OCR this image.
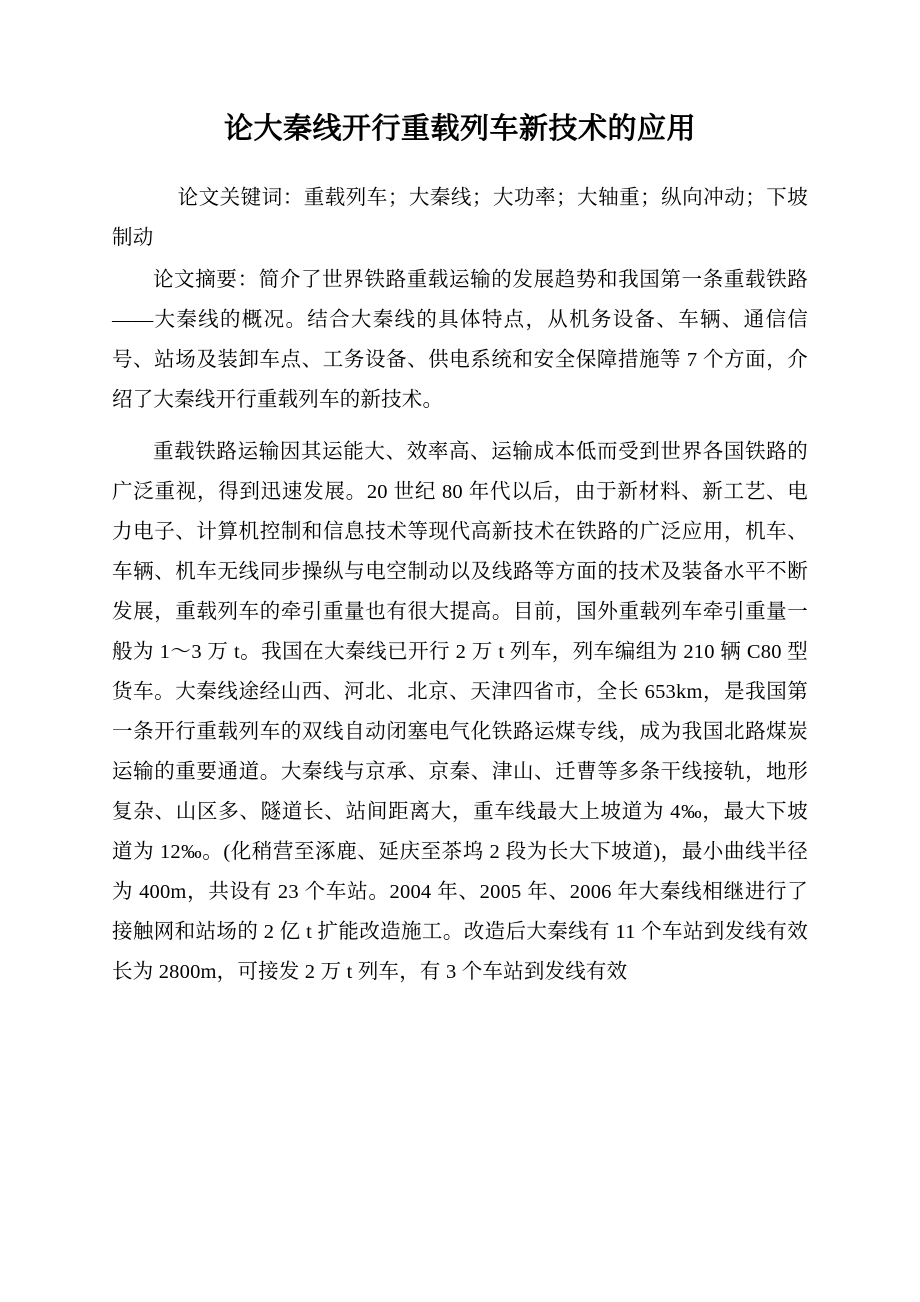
论大秦线开行重载列车新技术的应用

论文关键词：重载列车；大秦线；大功率；大轴重；纵向冲动；下坡制动

论文摘要：简介了世界铁路重载运输的发展趋势和我国第一条重载铁路——大秦线的概况。结合大秦线的具体特点，从机务设备、车辆、通信信号、站场及装卸车点、工务设备、供电系统和安全保障措施等 7 个方面，介绍了大秦线开行重载列车的新技术。

重载铁路运输因其运能大、效率高、运输成本低而受到世界各国铁路的广泛重视，得到迅速发展。20 世纪 80 年代以后，由于新材料、新工艺、电力电子、计算机控制和信息技术等现代高新技术在铁路的广泛应用，机车、车辆、机车无线同步操纵与电空制动以及线路等方面的技术及装备水平不断发展，重载列车的牵引重量也有很大提高。目前，国外重载列车牵引重量一般为 1～3 万 t。我国在大秦线已开行 2 万 t 列车，列车编组为 210 辆 C80 型货车。大秦线途经山西、河北、北京、天津四省市，全长 653km，是我国第一条开行重载列车的双线自动闭塞电气化铁路运煤专线，成为我国北路煤炭运输的重要通道。大秦线与京承、京秦、津山、迁曹等多条干线接轨，地形复杂、山区多、隧道长、站间距离大，重车线最大上坡道为 4‰，最大下坡道为 12‰。(化稍营至涿鹿、延庆至茶坞 2 段为长大下坡道)，最小曲线半径为 400m，共设有 23 个车站。2004 年、2005 年、2006 年大秦线相继进行了接触网和站场的 2 亿 t 扩能改造施工。改造后大秦线有 11 个车站到发线有效长为 2800m，可接发 2 万 t 列车，有 3 个车站到发线有效
